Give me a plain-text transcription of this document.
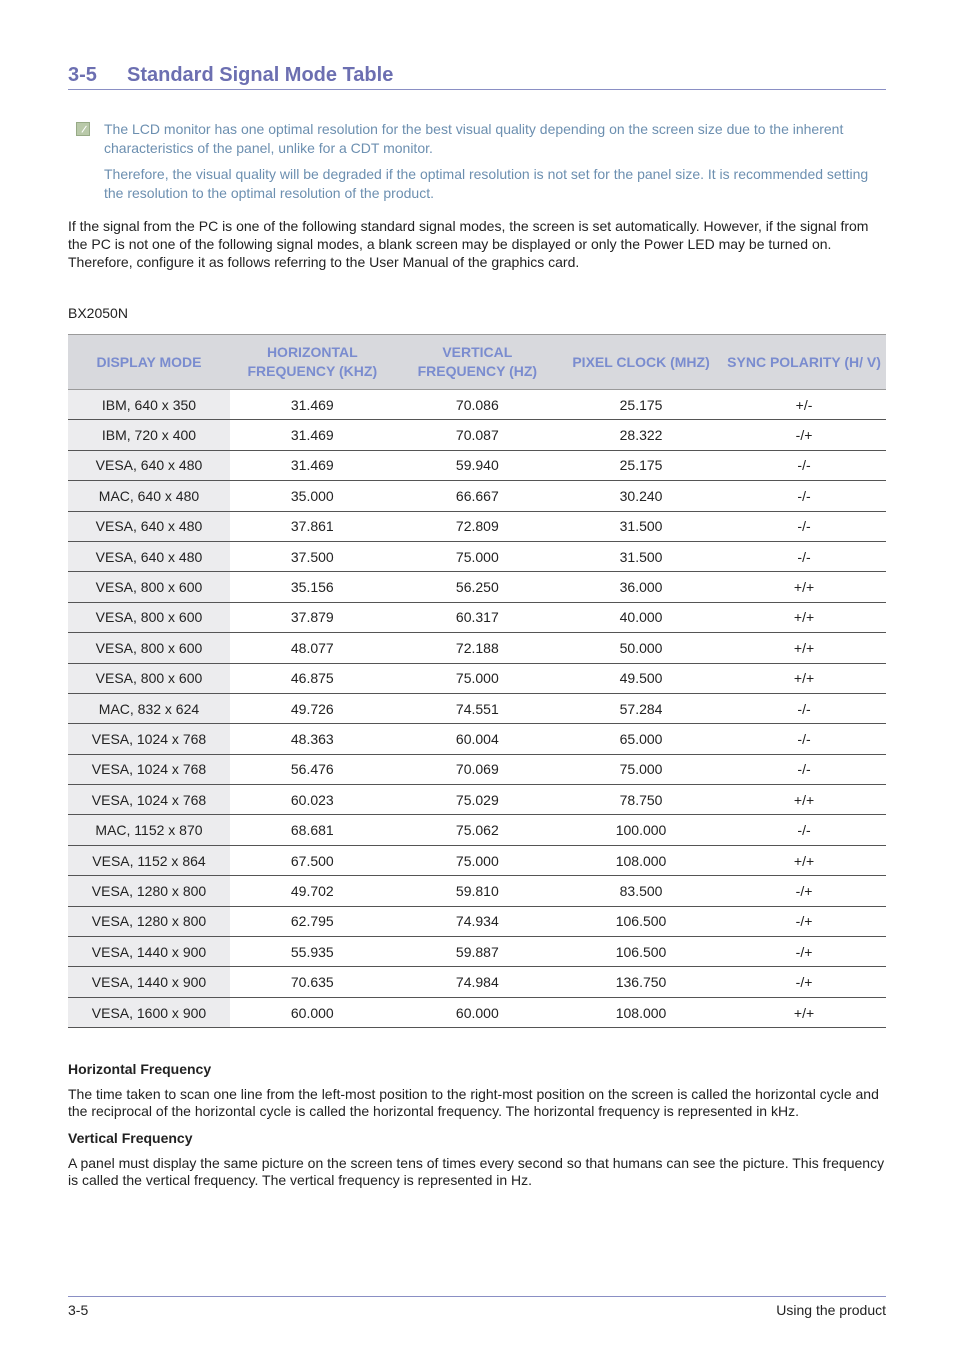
3-5 Standard Signal Mode Table

The LCD monitor has one optimal resolution for the best visual quality depending on the screen size due to the inherent characteristics of the panel, unlike for a CDT monitor.

Therefore, the visual quality will be degraded if the optimal resolution is not set for the panel size. It is recommended setting the resolution to the optimal resolution of the product.

If the signal from the PC is one of the following standard signal modes, the screen is set automatically. However, if the signal from the PC is not one of the following signal modes, a blank screen may be displayed or only the Power LED may be turned on. Therefore, configure it as follows referring to the User Manual of the graphics card.

BX2050N
DISPLAY MODE	HORIZONTAL FREQUENCY (KHZ)	VERTICAL FREQUENCY (HZ)	PIXEL CLOCK (MHZ)	SYNC POLARITY (H/ V)
IBM, 640 x 350	31.469	70.086	25.175	+/-
IBM, 720 x 400	31.469	70.087	28.322	-/+
VESA, 640 x 480	31.469	59.940	25.175	-/-
MAC, 640 x 480	35.000	66.667	30.240	-/-
VESA, 640 x 480	37.861	72.809	31.500	-/-
VESA, 640 x 480	37.500	75.000	31.500	-/-
VESA, 800 x 600	35.156	56.250	36.000	+/+
VESA, 800 x 600	37.879	60.317	40.000	+/+
VESA, 800 x 600	48.077	72.188	50.000	+/+
VESA, 800 x 600	46.875	75.000	49.500	+/+
MAC, 832 x 624	49.726	74.551	57.284	-/-
VESA, 1024 x 768	48.363	60.004	65.000	-/-
VESA, 1024 x 768	56.476	70.069	75.000	-/-
VESA, 1024 x 768	60.023	75.029	78.750	+/+
MAC, 1152 x 870	68.681	75.062	100.000	-/-
VESA, 1152 x 864	67.500	75.000	108.000	+/+
VESA, 1280 x 800	49.702	59.810	83.500	-/+
VESA, 1280 x 800	62.795	74.934	106.500	-/+
VESA, 1440 x 900	55.935	59.887	106.500	-/+
VESA, 1440 x 900	70.635	74.984	136.750	-/+
VESA, 1600 x 900	60.000	60.000	108.000	+/+
Horizontal Frequency

The time taken to scan one line from the left-most position to the right-most position on the screen is called the horizontal cycle and the reciprocal of the horizontal cycle is called the horizontal frequency. The horizontal frequency is represented in kHz.

Vertical Frequency

A panel must display the same picture on the screen tens of times every second so that humans can see the picture. This frequency is called the vertical frequency. The vertical frequency is represented in Hz.

3-5	Using the product
